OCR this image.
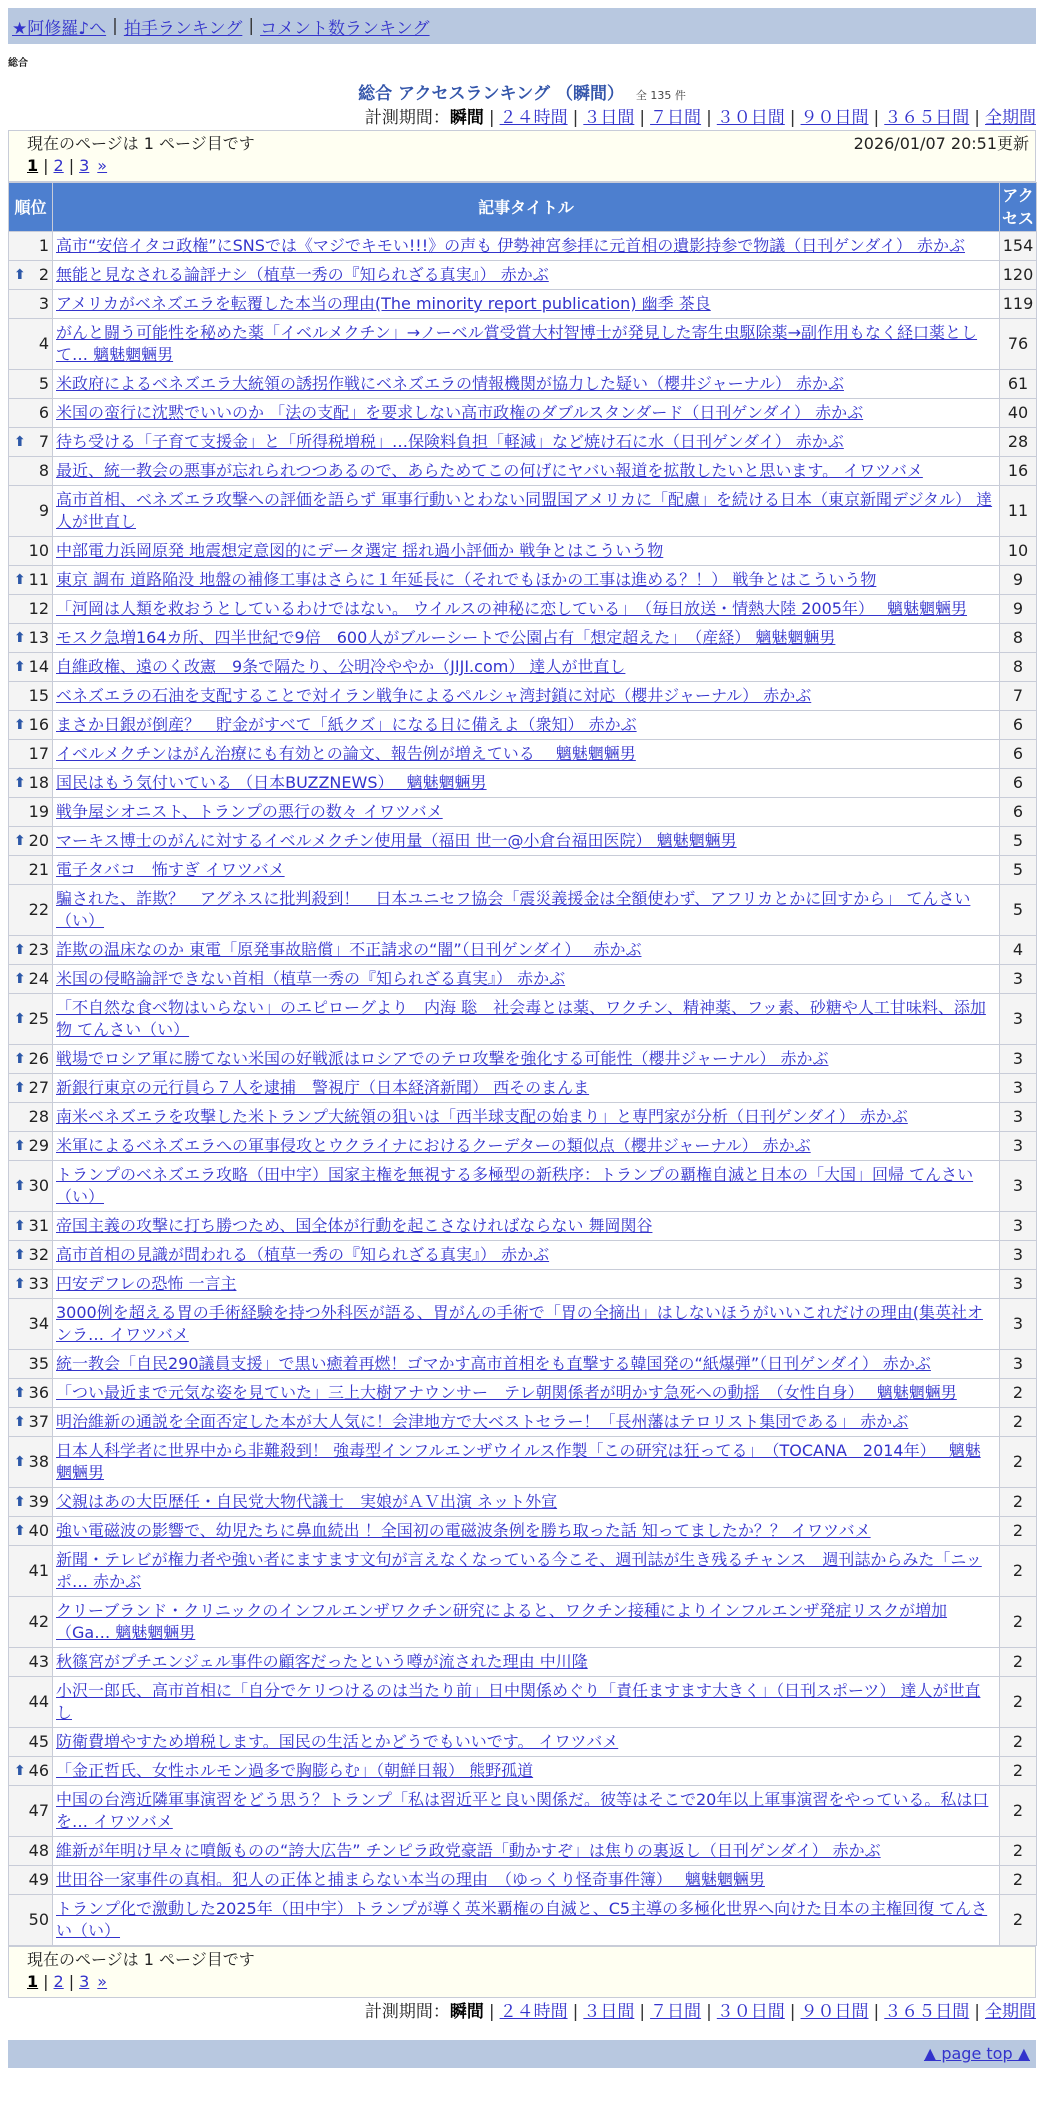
★阿修羅♪へ | 拍手ランキング | コメント数ランキング
総合
総合 アクセスランキング （瞬間） 全 135 件
計測期間：瞬間 | ２４時間 | ３日間 | ７日間 | ３０日間 | ９０日間 | ３６５日間 | 全期間
現在のページは 1 ページ目です	2026/01/07 20:51更新
1 | 2 | 3 »
順位	記事タイトル	アクセス
1	高市“安倍イタコ政権”にSNSでは《マジでキモい!!!》の声も 伊勢神宮参拝に元首相の遺影持参で物議（日刊ゲンダイ） 赤かぶ	154

⬆ 2	無能と見なされる論評ナシ（植草一秀の『知られざる真実』） 赤かぶ	120
3	アメリカがベネズエラを転覆した本当の理由(The minority report publication) 幽季 茶良	119
4	がんと闘う可能性を秘めた薬「イベルメクチン」→ノーベル賞受賞大村智博士が発見した寄生虫駆除薬→副作用もなく経口薬として… 魑魅魍魎男	76
5	米政府によるベネズエラ大統領の誘拐作戦にベネズエラの情報機関が協力した疑い（櫻井ジャーナル） 赤かぶ	61
6	米国の蛮行に沈黙でいいのか 「法の支配」を要求しない高市政権のダブルスタンダード（日刊ゲンダイ） 赤かぶ	40

⬆ 7	待ち受ける「子育て支援金」と「所得税増税」…保険料負担「軽減」など焼け石に水（日刊ゲンダイ） 赤かぶ	28
8	最近、統一教会の悪事が忘れられつつあるので、あらためてこの何げにヤバい報道を拡散したいと思います。 イワツバメ	16
9	高市首相、ベネズエラ攻撃への評価を語らず 軍事行動いとわない同盟国アメリカに「配慮」を続ける日本（東京新聞デジタル） 達人が世直し	11
10	中部電力浜岡原発 地震想定意図的にデータ選定 揺れ過小評価か 戦争とはこういう物	10

⬆ 11	東京 調布 道路陥没 地盤の補修工事はさらに１年延長に（それでもほかの工事は進める？！） 戦争とはこういう物	9
12	「河岡は人類を救おうとしているわけではない。 ウイルスの神秘に恋している」　（毎日放送・情熱大陸 2005年）　 魑魅魍魎男	9

⬆ 13	モスク急増164カ所、四半世紀で9倍　600人がブルーシートで公園占有「想定超えた」　（産経） 魑魅魍魎男	8

⬆ 14	自維政権、遠のく改憲　9条で隔たり、公明冷ややか（JIJI.com） 達人が世直し	8
15	ベネズエラの石油を支配することで対イラン戦争によるペルシャ湾封鎖に対応（櫻井ジャーナル） 赤かぶ	7

⬆ 16	まさか日銀が倒産？　貯金がすべて「紙クズ」になる日に備えよ（衆知） 赤かぶ	6
17	イベルメクチンはがん治療にも有効との論文、報告例が増えている　 魑魅魍魎男	6

⬆ 18	国民はもう気付いている （日本BUZZNEWS）　 魑魅魍魎男	6
19	戦争屋シオニスト、トランプの悪行の数々 イワツバメ	6

⬆ 20	マーキス博士のがんに対するイベルメクチン使用量（福田 世一@小倉台福田医院） 魑魅魍魎男	5
21	電子タバコ　怖すぎ イワツバメ	5
22	騙された、詐欺？　アグネスに批判殺到！　日本ユニセフ協会「震災義援金は全額使わず、アフリカとかに回すから」 てんさい（い）	5

⬆ 23	詐欺の温床なのか 東電「原発事故賠償」不正請求の“闇”（日刊ゲンダイ）　 赤かぶ	4

⬆ 24	米国の侵略論評できない首相（植草一秀の『知られざる真実』） 赤かぶ	3

⬆ 25	「不自然な食べ物はいらない」のエピローグより　内海 聡　社会毒とは薬、ワクチン、精神薬、フッ素、砂糖や人工甘味料、添加物 てんさい（い）	3

⬆ 26	戦場でロシア軍に勝てない米国の好戦派はロシアでのテロ攻撃を強化する可能性（櫻井ジャーナル） 赤かぶ	3

⬆ 27	新銀行東京の元行員ら７人を逮捕　警視庁（日本経済新聞） 西そのまんま	3
28	南米ベネズエラを攻撃した米トランプ大統領の狙いは「西半球支配の始まり」と専門家が分析（日刊ゲンダイ） 赤かぶ	3

⬆ 29	米軍によるベネズエラへの軍事侵攻とウクライナにおけるクーデターの類似点（櫻井ジャーナル） 赤かぶ	3

⬆ 30	トランプのベネズエラ攻略（田中宇）国家主権を無視する多極型の新秩序：トランプの覇権自滅と日本の「大国」回帰 てんさい（い）	3

⬆ 31	帝国主義の攻撃に打ち勝つため、国全体が行動を起こさなければならない 舞岡関谷	3

⬆ 32	高市首相の見識が問われる（植草一秀の『知られざる真実』） 赤かぶ	3

⬆ 33	円安デフレの恐怖 一言主	3
34	3000例を超える胃の手術経験を持つ外科医が語る、胃がんの手術で「胃の全摘出」はしないほうがいいこれだけの理由(集英社オンラ… イワツバメ	3
35	統一教会「自民290議員支援」で黒い癒着再燃！ゴマかす高市首相をも直撃する韓国発の“紙爆弾”（日刊ゲンダイ） 赤かぶ	3

⬆ 36	「つい最近まで元気な姿を見ていた」三上大樹アナウンサー　テレ朝関係者が明かす急死への動揺　（女性自身）　 魑魅魍魎男	2

⬆ 37	明治維新の通説を全面否定した本が大人気に！会津地方で大ベストセラー！「長州藩はテロリスト集団である」 赤かぶ	2

⬆ 38	日本人科学者に世界中から非難殺到！ 強毒型インフルエンザウイルス作製「この研究は狂ってる」　（TOCANA　2014年）　 魑魅魍魎男	2

⬆ 39	父親はあの大臣歴任・自民党大物代議士　実娘がＡＶ出演 ネット外宣	2

⬆ 40	強い電磁波の影響で、幼児たちに鼻血続出 ！全国初の電磁波条例を勝ち取った話 知ってましたか？？ イワツバメ	2
41	新聞・テレビが権力者や強い者にますます文句が言えなくなっている今こそ、週刊誌が生き残るチャンス　週刊誌からみた「ニッポ… 赤かぶ	2
42	クリーブランド・クリニックのインフルエンザワクチン研究によると、ワクチン接種によりインフルエンザ発症リスクが増加（Ga… 魑魅魍魎男	2
43	秋篠宮がプチエンジェル事件の顧客だったという噂が流された理由 中川隆	2
44	小沢一郎氏、高市首相に「自分でケリつけるのは当たり前」日中関係めぐり「責任ますます大きく」（日刊スポーツ） 達人が世直し	2
45	防衛費増やすため増税します。国民の生活とかどうでもいいです。 イワツバメ	2

⬆ 46	「金正哲氏、女性ホルモン過多で胸膨らむ」（朝鮮日報） 熊野孤道	2
47	中国の台湾近隣軍事演習をどう思う？トランプ「私は習近平と良い関係だ。彼等はそこで20年以上軍事演習をやっている。私は口を… イワツバメ	2
48	維新が年明け早々に噴飯ものの“誇大広告” チンピラ政党豪語「動かすぞ」は焦りの裏返し（日刊ゲンダイ） 赤かぶ	2
49	世田谷一家事件の真相。犯人の正体と捕まらない本当の理由　（ゆっくり怪奇事件簿）　 魑魅魍魎男	2
50	トランプ化で激動した2025年（田中宇）トランプが導く英米覇権の自滅と、C5主導の多極化世界へ向けた日本の主権回復 てんさい（い）	2
現在のページは 1 ページ目です
1 | 2 | 3 »
計測期間：瞬間 | ２４時間 | ３日間 | ７日間 | ３０日間 | ９０日間 | ３６５日間 | 全期間
▲ page top ▲
